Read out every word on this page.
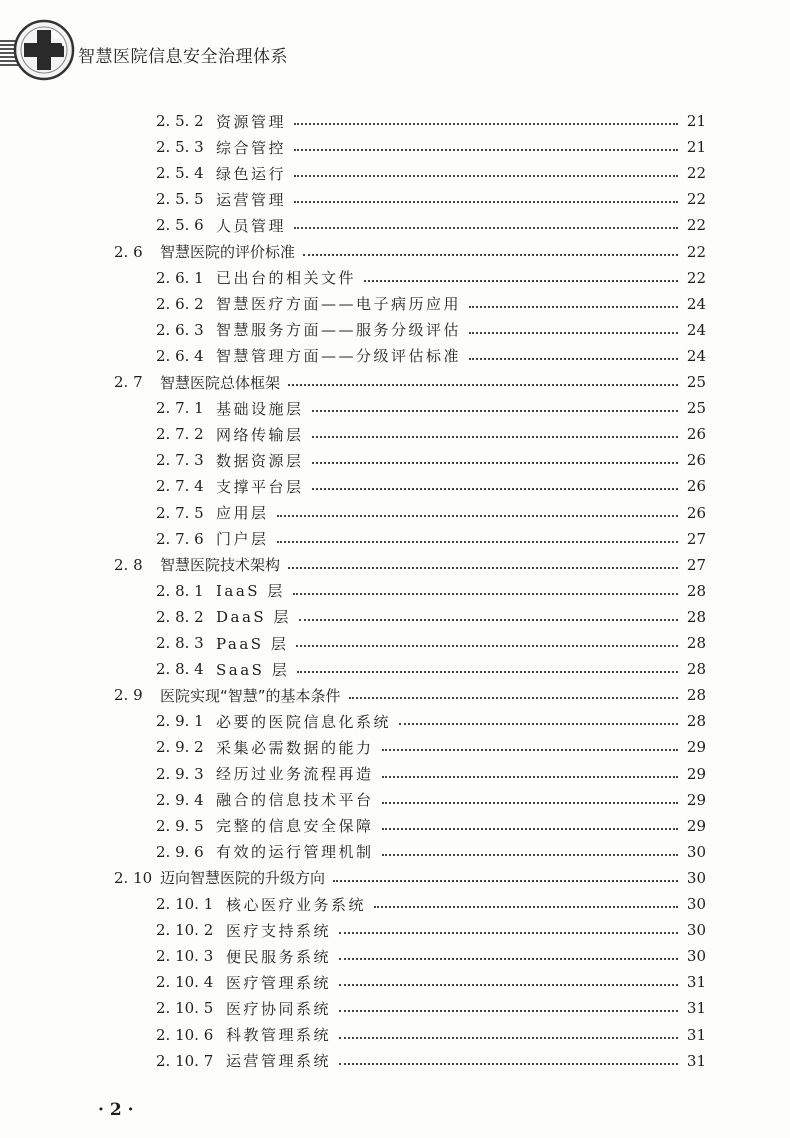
智慧医院信息安全治理体系
2. 5. 2 资源管理	21
2. 5. 3 综合管控	21
2. 5. 4 绿色运行	22
2. 5. 5 运营管理	22
2. 5. 6 人员管理	22
2. 6	智慧医院的评价标准	22
2. 6. 1 已出台的相关文件	22
2. 6. 2 智慧医疗方面——电子病历应用	24
2. 6. 3 智慧服务方面——服务分级评估	24
2. 6. 4 智慧管理方面——分级评估标准	24
2. 7	智慧医院总体框架	25
2. 7. 1 基础设施层	25
2. 7. 2 网络传输层	26
2. 7. 3 数据资源层	26
2. 7. 4 支撑平台层	26
2. 7. 5 应用层	26
2. 7. 6 门户层	27
2. 8	智慧医院技术架构	27
2. 8. 1 IaaS 层	28
2. 8. 2 DaaS 层	28
2. 8. 3 PaaS 层	28
2. 8. 4 SaaS 层	28
2. 9	医院实现“智慧”的基本条件	28
2. 9. 1 必要的医院信息化系统	28
2. 9. 2 采集必需数据的能力	29
2. 9. 3 经历过业务流程再造	29
2. 9. 4 融合的信息技术平台	29
2. 9. 5 完整的信息安全保障	29
2. 9. 6 有效的运行管理机制	30
2. 10 迈向智慧医院的升级方向	30
2. 10. 1 核心医疗业务系统	30
2. 10. 2 医疗支持系统	30
2. 10. 3 便民服务系统	30
2. 10. 4 医疗管理系统	31
2. 10. 5 医疗协同系统	31
2. 10. 6 科教管理系统	31
2. 10. 7 运营管理系统	31
· 2 ·
